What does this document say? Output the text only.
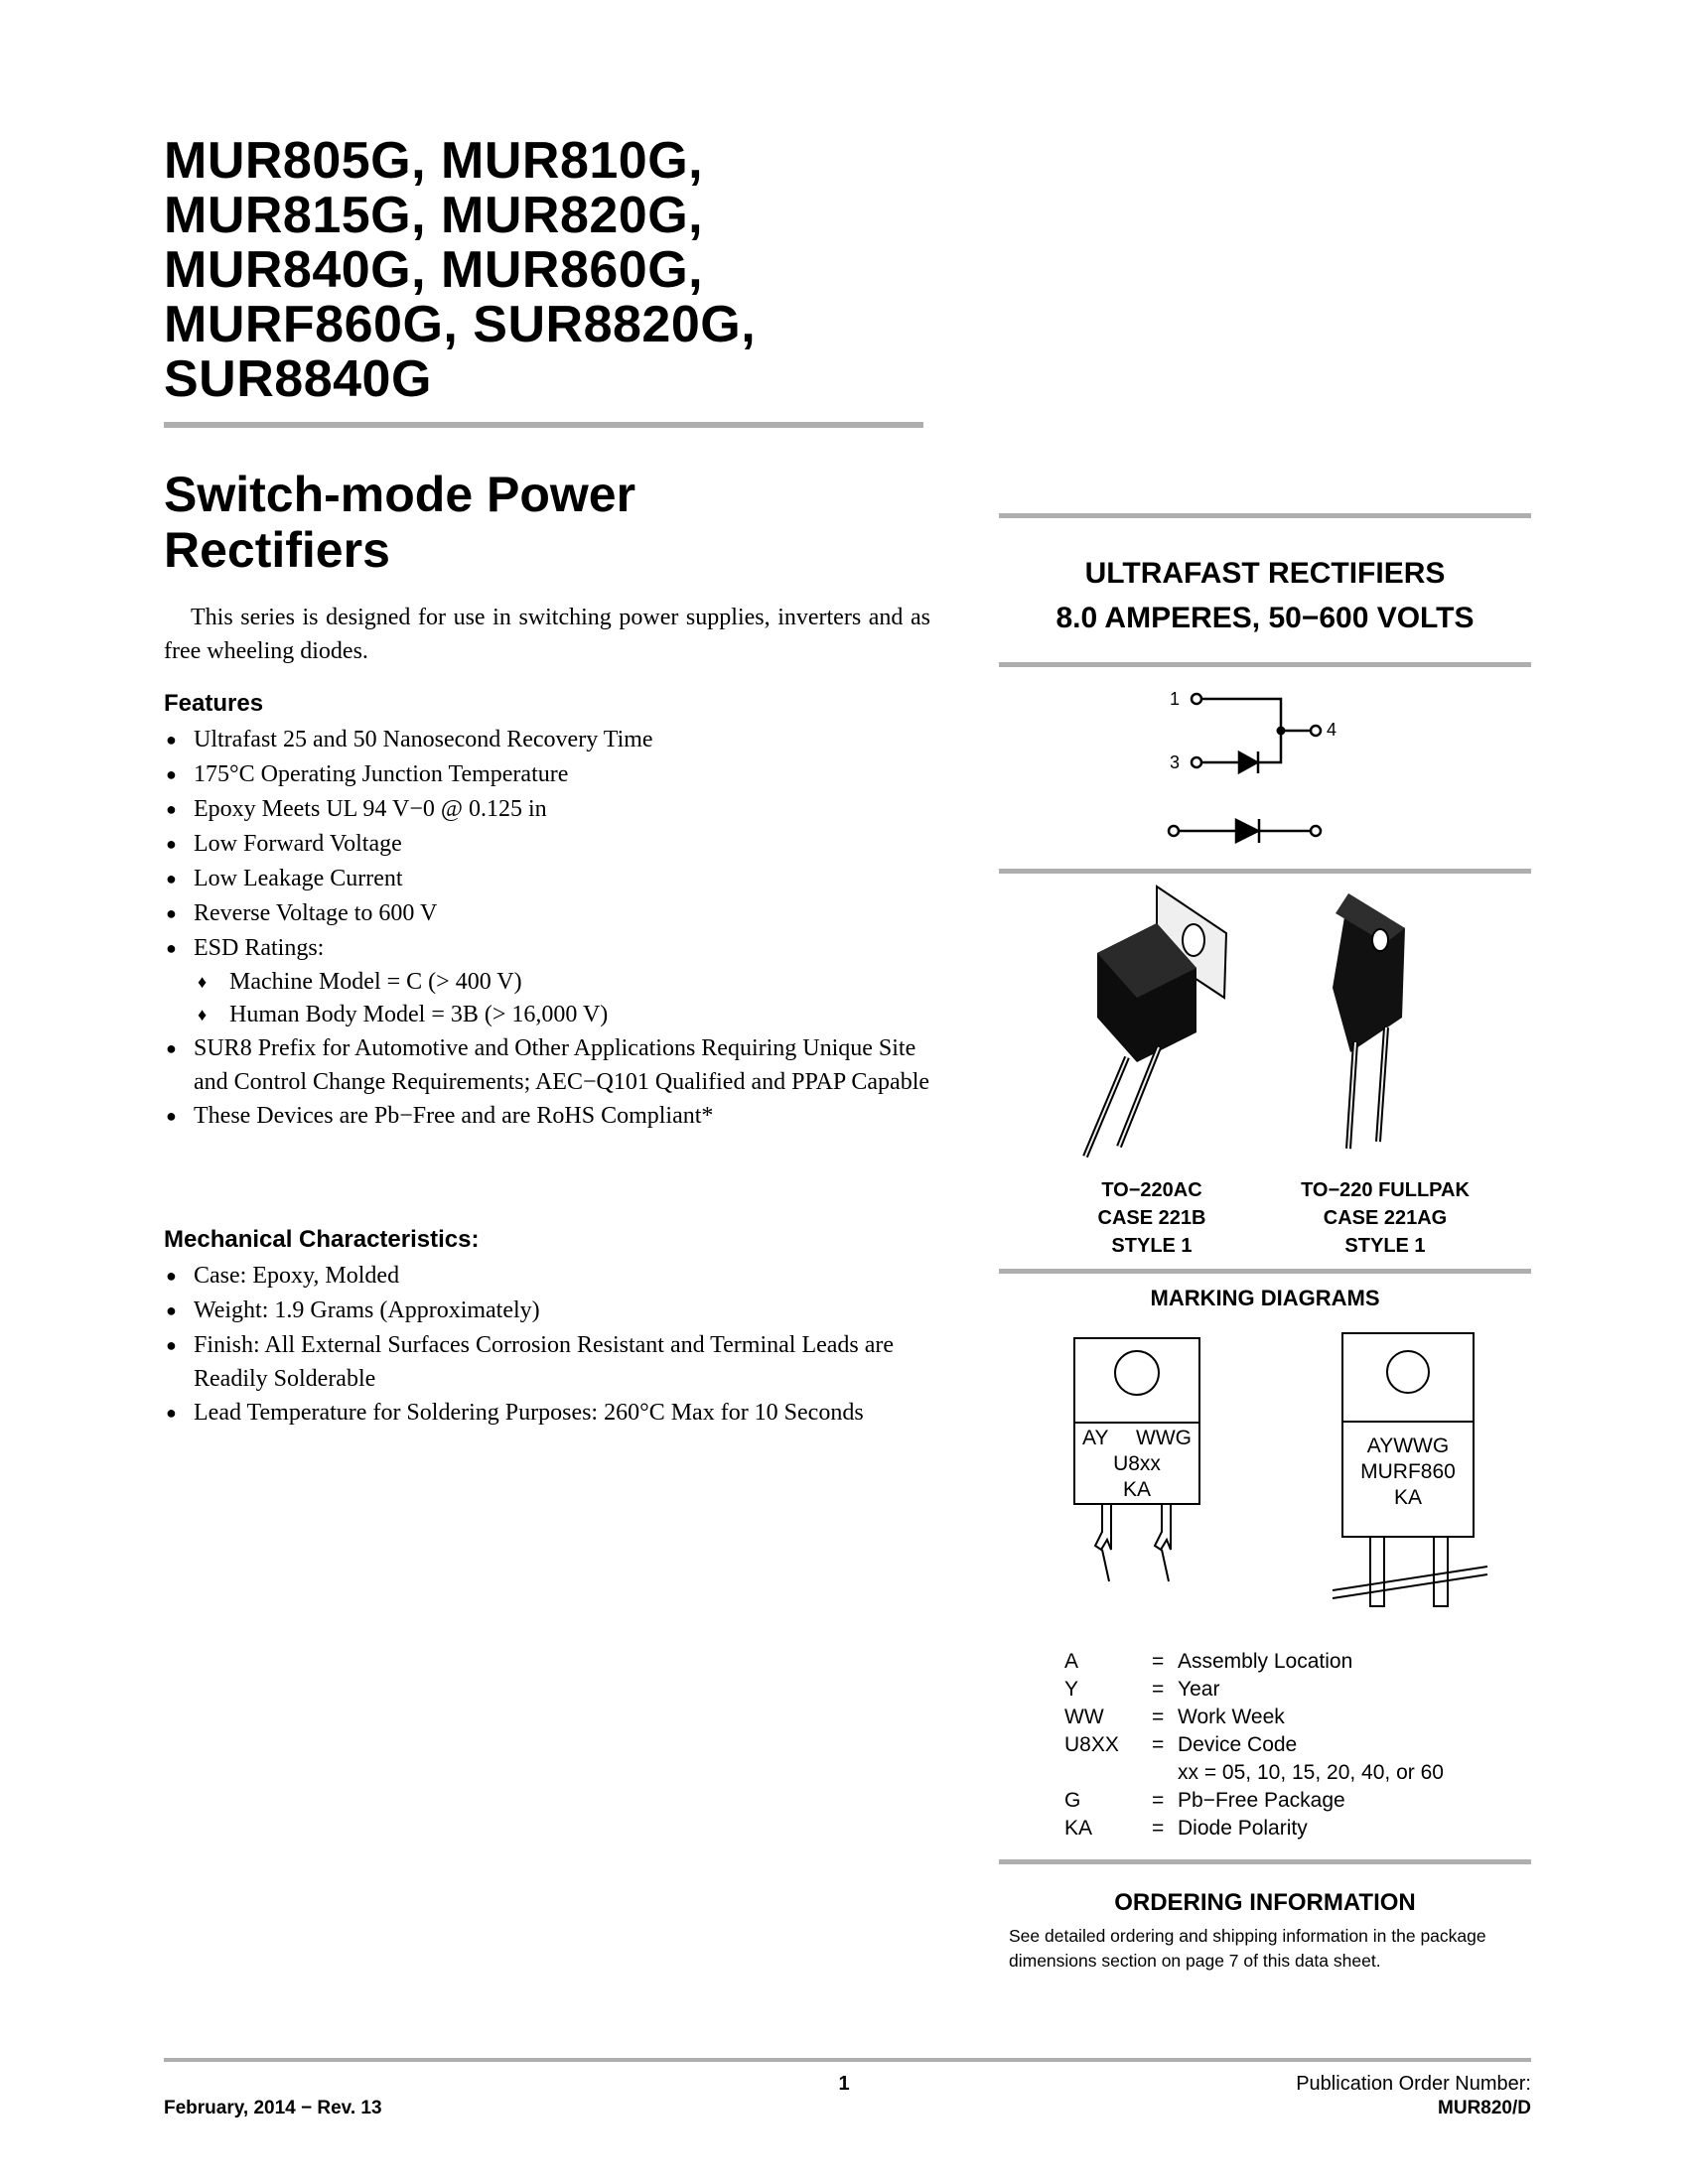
MUR805G, MUR810G,
MUR815G, MUR820G,
MUR840G, MUR860G,
MURF860G, SUR8820G,
SUR8840G
Switch-mode Power
Rectifiers

This series is designed for use in switching power supplies, inverters and as free wheeling diodes.

Features
● Ultrafast 25 and 50 Nanosecond Recovery Time
● 175°C Operating Junction Temperature
● Epoxy Meets UL 94 V−0 @ 0.125 in
● Low Forward Voltage
● Low Leakage Current
● Reverse Voltage to 600 V
● ESD Ratings:
♦ Machine Model = C (> 400 V)
♦ Human Body Model = 3B (> 16,000 V)
● SUR8 Prefix for Automotive and Other Applications Requiring Unique Site and Control Change Requirements; AEC−Q101 Qualified and PPAP Capable
● These Devices are Pb−Free and are RoHS Compliant*
Mechanical Characteristics:
● Case: Epoxy, Molded
● Weight: 1.9 Grams (Approximately)
● Finish: All External Surfaces Corrosion Resistant and Terminal Leads are Readily Solderable
● Lead Temperature for Soldering Purposes: 260°C Max for 10 Seconds
ULTRAFAST RECTIFIERS
8.0 AMPERES, 50−600 VOLTS
1
3
4
TO−220AC
CASE 221B
STYLE 1
TO−220 FULLPAK
CASE 221AG
STYLE 1
MARKING DIAGRAMS
AY WWG
U8xx
KA
AYWWG
MURF860
KA
A	= Assembly Location
Y	= Year
WW	= Work Week
U8XX	= Device Code
xx = 05, 10, 15, 20, 40, or 60
G	= Pb−Free Package
KA	= Diode Polarity
ORDERING INFORMATION
See detailed ordering and shipping information in the package dimensions section on page 7 of this data sheet.
1
February, 2014 − Rev. 13
Publication Order Number:
MUR820/D
